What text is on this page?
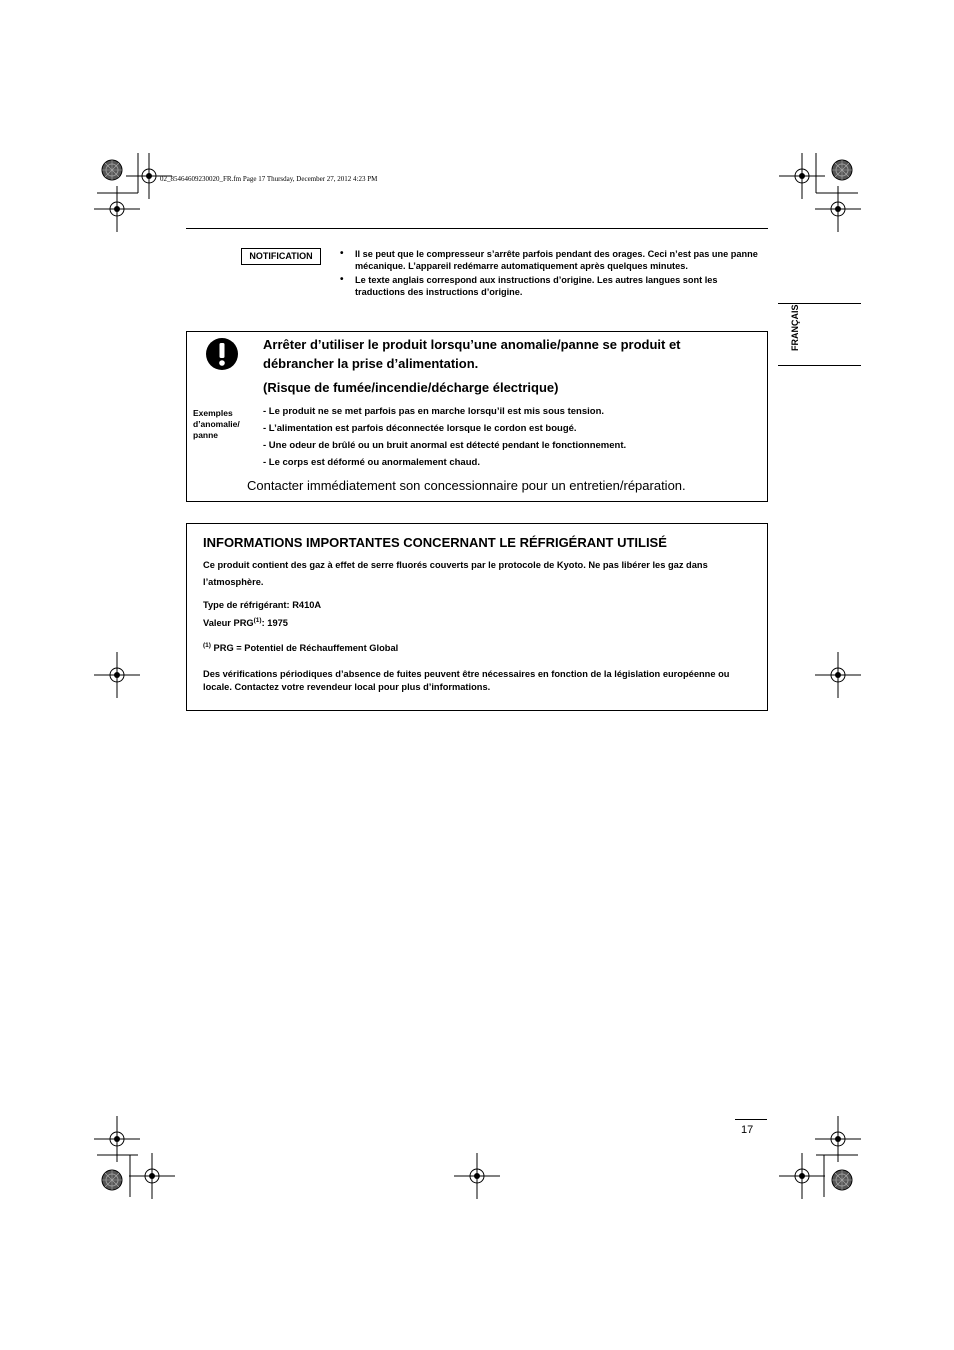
02_85464609230020_FR.fm Page 17 Thursday, December 27, 2012 4:23 PM
NOTIFICATION
•	Il se peut que le compresseur s’arrête parfois pendant des orages. Ceci n’est pas une panne mécanique. L’appareil redémarre automatiquement après quelques minutes.
• Le texte anglais correspond aux instructions d’origine. Les autres langues sont les traductions des instructions d’origine.
FRANÇAIS
Arrêter d’utiliser le produit lorsqu’une anomalie/panne se produit et débrancher la prise d’alimentation.
(Risque de fumée/incendie/décharge électrique)
Exemples d’anomalie/ panne
- Le produit ne se met parfois pas en marche lorsqu’il est mis sous tension.
- L’alimentation est parfois déconnectée lorsque le cordon est bougé.
- Une odeur de brûlé ou un bruit anormal est détecté pendant le fonctionnement.
- Le corps est déformé ou anormalement chaud.
Contacter immédiatement son concessionnaire pour un entretien/réparation.
INFORMATIONS IMPORTANTES CONCERNANT LE RÉFRIGÉRANT UTILISÉ
Ce produit contient des gaz à effet de serre fluorés couverts par le protocole de Kyoto. Ne pas libérer les gaz dans l’atmosphère.
Type de réfrigérant: R410A
Valeur PRG$^{(1)}$: 1975
$^{(1)}$ PRG = Potentiel de Réchauffement Global
Des vérifications périodiques d’absence de fuites peuvent être nécessaires en fonction de la législation européenne ou locale. Contactez votre revendeur local pour plus d’informations.
17
